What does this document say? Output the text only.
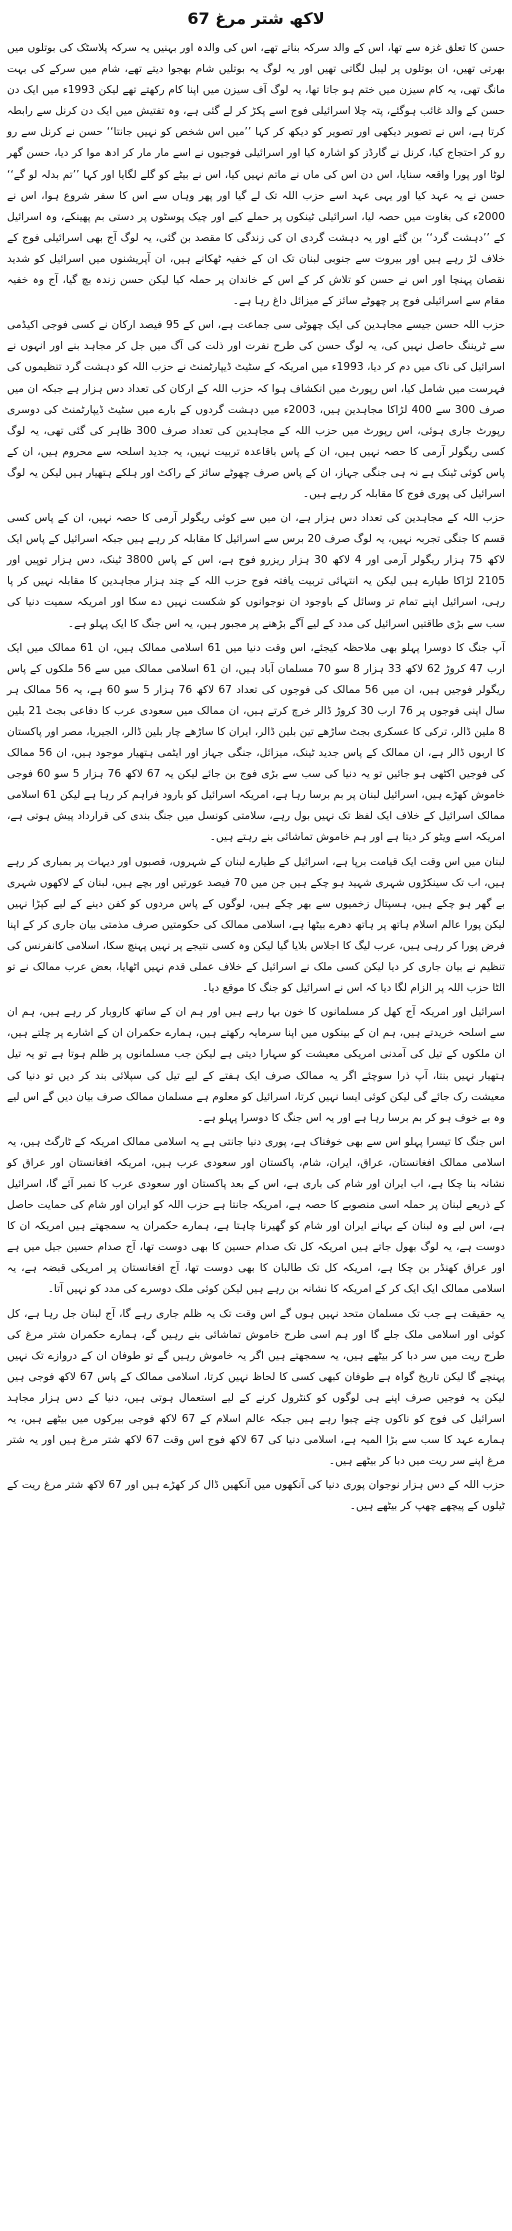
67 لاکھ شتر مرغ

حسن کا تعلق غزہ سے تھا، اس کے والد سرکہ بناتے تھے، اس کی والدہ اور بہنیں یہ سرکہ پلاسٹک کی بوتلوں میں بھرتی تھیں، ان بوتلوں پر لیبل لگاتی تھیں اور یہ لوگ یہ بوتلیں شام بھجوا دیتے تھے، شام میں سرکے کی بہت مانگ تھی، یہ کام سیزن میں ختم ہو جاتا تھا، یہ لوگ آف سیزن میں اپنا کام رکھتے تھے لیکن 1993ء میں ایک دن حسن کے والد غائب ہوگئے، پتہ چلا اسرائیلی فوج اسے پکڑ کر لے گئی ہے، وہ تفتیش میں ایک دن کرنل سے رابطہ کرتا ہے، اس نے تصویر دیکھی اور تصویر کو دیکھ کر کہا ’’میں اس شخص کو نہیں جانتا‘‘ حسن نے کرنل سے رو رو کر احتجاج کیا، کرنل نے گارڈز کو اشارہ کیا اور اسرائیلی فوجیوں نے اسے مار مار کر ادھ موا کر دیا، حسن گھر لوٹا اور پورا واقعہ سنایا، اس دن اس کی ماں نے ماتم نہیں کیا، اس نے بیٹے کو گلے لگایا اور کہا ’’تم بدلہ لو گے‘‘ حسن نے یہ عہد کیا اور یہی عہد اسے حزب اللہ تک لے گیا اور پھر وہاں سے اس کا سفر شروع ہوا، اس نے 2000ء کی بغاوت میں حصہ لیا، اسرائیلی ٹینکوں پر حملے کیے اور چیک پوسٹوں پر دستی بم پھینکے، وہ اسرائیل کے ’’دہشت گرد‘‘ بن گئے اور یہ دہشت گردی ان کی زندگی کا مقصد بن گئی، یہ لوگ آج بھی اسرائیلی فوج کے خلاف لڑ رہے ہیں اور بیروت سے جنوبی لبنان تک ان کے خفیہ ٹھکانے ہیں، ان آپریشنوں میں اسرائیل کو شدید نقصان پہنچا اور اس نے حسن کو تلاش کر کے اس کے خاندان پر حملہ کیا لیکن حسن زندہ بچ گیا، آج وہ خفیہ مقام سے اسرائیلی فوج پر چھوٹے سائز کے میزائل داغ رہا ہے۔

حزب اللہ حسن جیسے مجاہدین کی ایک چھوٹی سی جماعت ہے، اس کے 95 فیصد ارکان نے کسی فوجی اکیڈمی سے ٹریننگ حاصل نہیں کی، یہ لوگ حسن کی طرح نفرت اور ذلت کی آگ میں جل کر مجاہد بنے اور انہوں نے اسرائیل کی ناک میں دم کر دیا، 1993ء میں امریکہ کے سٹیٹ ڈیپارٹمنٹ نے حزب اللہ کو دہشت گرد تنظیموں کی فہرست میں شامل کیا، اس رپورٹ میں انکشاف ہوا کہ حزب اللہ کے ارکان کی تعداد دس ہزار ہے جبکہ ان میں صرف 300 سے 400 لڑاکا مجاہدین ہیں، 2003ء میں دہشت گردوں کے بارے میں سٹیٹ ڈیپارٹمنٹ کی دوسری رپورٹ جاری ہوئی، اس رپورٹ میں حزب اللہ کے مجاہدین کی تعداد صرف 300 ظاہر کی گئی تھی، یہ لوگ کسی ریگولر آرمی کا حصہ نہیں ہیں، ان کے پاس باقاعدہ تربیت نہیں، یہ جدید اسلحہ سے محروم ہیں، ان کے پاس کوئی ٹینک ہے نہ ہی جنگی جہاز، ان کے پاس صرف چھوٹے سائز کے راکٹ اور ہلکے ہتھیار ہیں لیکن یہ لوگ اسرائیل کی پوری فوج کا مقابلہ کر رہے ہیں۔

حزب اللہ کے مجاہدین کی تعداد دس ہزار ہے، ان میں سے کوئی ریگولر آرمی کا حصہ نہیں، ان کے پاس کسی قسم کا جنگی تجربہ نہیں، یہ لوگ صرف 20 برس سے اسرائیل کا مقابلہ کر رہے ہیں جبکہ اسرائیل کے پاس ایک لاکھ 75 ہزار ریگولر آرمی اور 4 لاکھ 30 ہزار ریزرو فوج ہے، اس کے پاس 3800 ٹینک، دس ہزار توپیں اور 2105 لڑاکا طیارے ہیں لیکن یہ انتہائی تربیت یافتہ فوج حزب اللہ کے چند ہزار مجاہدین کا مقابلہ نہیں کر پا رہی، اسرائیل اپنے تمام تر وسائل کے باوجود ان نوجوانوں کو شکست نہیں دے سکا اور امریکہ سمیت دنیا کی سب سے بڑی طاقتیں اسرائیل کی مدد کے لیے آگے بڑھنے پر مجبور ہیں، یہ اس جنگ کا ایک پہلو ہے۔

آپ جنگ کا دوسرا پہلو بھی ملاحظہ کیجئے، اس وقت دنیا میں 61 اسلامی ممالک ہیں، ان 61 ممالک میں ایک ارب 47 کروڑ 62 لاکھ 33 ہزار 8 سو 70 مسلمان آباد ہیں، ان 61 اسلامی ممالک میں سے 56 ملکوں کے پاس ریگولر فوجیں ہیں، ان میں 56 ممالک کی فوجوں کی تعداد 67 لاکھ 76 ہزار 5 سو 60 ہے، یہ 56 ممالک ہر سال اپنی فوجوں پر 76 ارب 30 کروڑ ڈالر خرچ کرتے ہیں، ان ممالک میں سعودی عرب کا دفاعی بجٹ 21 بلین 8 ملین ڈالر، ترکی کا عسکری بجٹ ساڑھے تین بلین ڈالر، ایران کا ساڑھے چار بلین ڈالر، الجیریا، مصر اور پاکستان کا اربوں ڈالر ہے، ان ممالک کے پاس جدید ٹینک، میزائل، جنگی جہاز اور ایٹمی ہتھیار موجود ہیں، ان 56 ممالک کی فوجیں اکٹھی ہو جائیں تو یہ دنیا کی سب سے بڑی فوج بن جائے لیکن یہ 67 لاکھ 76 ہزار 5 سو 60 فوجی خاموش کھڑے ہیں، اسرائیل لبنان پر بم برسا رہا ہے، امریکہ اسرائیل کو بارود فراہم کر رہا ہے لیکن 61 اسلامی ممالک اسرائیل کے خلاف ایک لفظ تک نہیں بول رہے، سلامتی کونسل میں جنگ بندی کی قرارداد پیش ہوتی ہے، امریکہ اسے ویٹو کر دیتا ہے اور ہم خاموش تماشائی بنے رہتے ہیں۔

لبنان میں اس وقت ایک قیامت برپا ہے، اسرائیل کے طیارے لبنان کے شہروں، قصبوں اور دیہات پر بمباری کر رہے ہیں، اب تک سینکڑوں شہری شہید ہو چکے ہیں جن میں 70 فیصد عورتیں اور بچے ہیں، لبنان کے لاکھوں شہری بے گھر ہو چکے ہیں، ہسپتال زخمیوں سے بھر چکے ہیں، لوگوں کے پاس مردوں کو کفن دینے کے لیے کپڑا نہیں لیکن پورا عالم اسلام ہاتھ پر ہاتھ دھرے بیٹھا ہے، اسلامی ممالک کی حکومتیں صرف مذمتی بیان جاری کر کے اپنا فرض پورا کر رہی ہیں، عرب لیگ کا اجلاس بلایا گیا لیکن وہ کسی نتیجے پر نہیں پہنچ سکا، اسلامی کانفرنس کی تنظیم نے بیان جاری کر دیا لیکن کسی ملک نے اسرائیل کے خلاف عملی قدم نہیں اٹھایا، بعض عرب ممالک نے تو الٹا حزب اللہ پر الزام لگا دیا کہ اس نے اسرائیل کو جنگ کا موقع دیا۔

اسرائیل اور امریکہ آج کھل کر مسلمانوں کا خون بہا رہے ہیں اور ہم ان کے ساتھ کاروبار کر رہے ہیں، ہم ان سے اسلحہ خریدتے ہیں، ہم ان کے بینکوں میں اپنا سرمایہ رکھتے ہیں، ہمارے حکمران ان کے اشارے پر چلتے ہیں، ان ملکوں کے تیل کی آمدنی امریکی معیشت کو سہارا دیتی ہے لیکن جب مسلمانوں پر ظلم ہوتا ہے تو یہ تیل ہتھیار نہیں بنتا، آپ ذرا سوچئے اگر یہ ممالک صرف ایک ہفتے کے لیے تیل کی سپلائی بند کر دیں تو دنیا کی معیشت رک جائے گی لیکن کوئی ایسا نہیں کرتا، اسرائیل کو معلوم ہے مسلمان ممالک صرف بیان دیں گے اس لیے وہ بے خوف ہو کر بم برسا رہا ہے اور یہ اس جنگ کا دوسرا پہلو ہے۔

اس جنگ کا تیسرا پہلو اس سے بھی خوفناک ہے، پوری دنیا جانتی ہے یہ اسلامی ممالک امریکہ کے ٹارگٹ ہیں، یہ اسلامی ممالک افغانستان، عراق، ایران، شام، پاکستان اور سعودی عرب ہیں، امریکہ افغانستان اور عراق کو نشانہ بنا چکا ہے، اب ایران اور شام کی باری ہے، اس کے بعد پاکستان اور سعودی عرب کا نمبر آئے گا، اسرائیل کے ذریعے لبنان پر حملہ اسی منصوبے کا حصہ ہے، امریکہ جانتا ہے حزب اللہ کو ایران اور شام کی حمایت حاصل ہے، اس لیے وہ لبنان کے بہانے ایران اور شام کو گھیرنا چاہتا ہے، ہمارے حکمران یہ سمجھتے ہیں امریکہ ان کا دوست ہے، یہ لوگ بھول جاتے ہیں امریکہ کل تک صدام حسین کا بھی دوست تھا، آج صدام حسین جیل میں ہے اور عراق کھنڈر بن چکا ہے، امریکہ کل تک طالبان کا بھی دوست تھا، آج افغانستان پر امریکی قبضہ ہے، یہ اسلامی ممالک ایک ایک کر کے امریکہ کا نشانہ بن رہے ہیں لیکن کوئی ملک دوسرے کی مدد کو نہیں آتا۔

یہ حقیقت ہے جب تک مسلمان متحد نہیں ہوں گے اس وقت تک یہ ظلم جاری رہے گا، آج لبنان جل رہا ہے، کل کوئی اور اسلامی ملک جلے گا اور ہم اسی طرح خاموش تماشائی بنے رہیں گے، ہمارے حکمران شتر مرغ کی طرح ریت میں سر دبا کر بیٹھے ہیں، یہ سمجھتے ہیں اگر یہ خاموش رہیں گے تو طوفان ان کے دروازے تک نہیں پہنچے گا لیکن تاریخ گواہ ہے طوفان کبھی کسی کا لحاظ نہیں کرتا، اسلامی ممالک کے پاس 67 لاکھ فوجی ہیں لیکن یہ فوجیں صرف اپنے ہی لوگوں کو کنٹرول کرنے کے لیے استعمال ہوتی ہیں، دنیا کے دس ہزار مجاہد اسرائیل کی فوج کو ناکوں چنے چبوا رہے ہیں جبکہ عالم اسلام کے 67 لاکھ فوجی بیرکوں میں بیٹھے ہیں، یہ ہمارے عہد کا سب سے بڑا المیہ ہے، اسلامی دنیا کی 67 لاکھ فوج اس وقت 67 لاکھ شتر مرغ ہیں اور یہ شتر مرغ اپنے سر ریت میں دبا کر بیٹھے ہیں۔

حزب اللہ کے دس ہزار نوجوان پوری دنیا کی آنکھوں میں آنکھیں ڈال کر کھڑے ہیں اور 67 لاکھ شتر مرغ ریت کے ٹیلوں کے پیچھے چھپ کر بیٹھے ہیں۔
